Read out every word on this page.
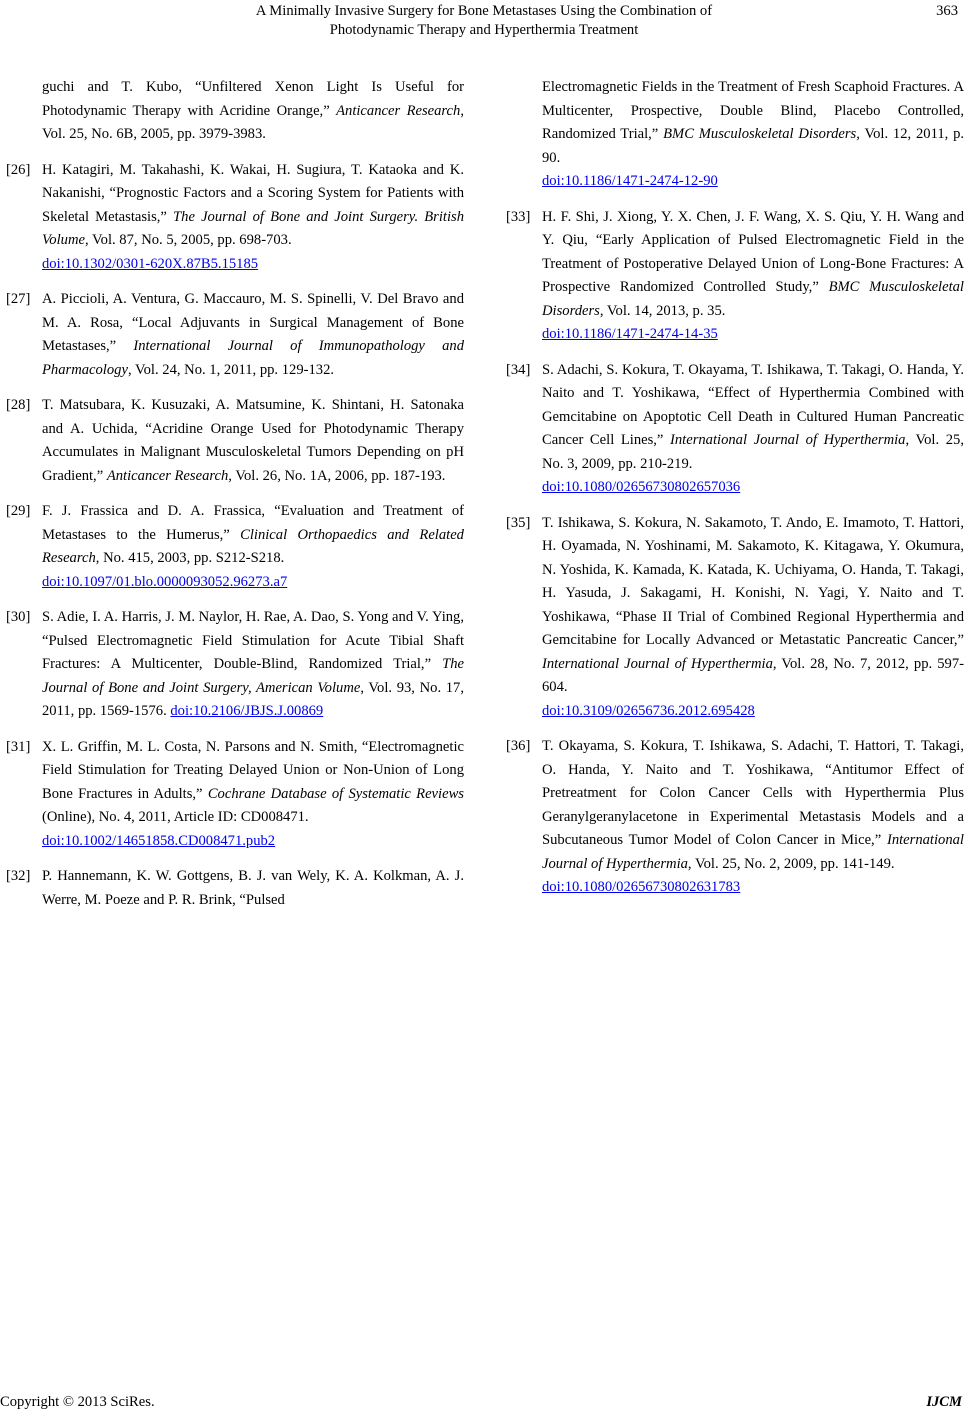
A Minimally Invasive Surgery for Bone Metastases Using the Combination of
Photodynamic Therapy and Hyperthermia Treatment
363
guchi and T. Kubo, “Unfiltered Xenon Light Is Useful for Photodynamic Therapy with Acridine Orange,” Anticancer Research, Vol. 25, No. 6B, 2005, pp. 3979-3983.
[26] H. Katagiri, M. Takahashi, K. Wakai, H. Sugiura, T. Kataoka and K. Nakanishi, “Prognostic Factors and a Scoring System for Patients with Skeletal Metastasis,” The Journal of Bone and Joint Surgery. British Volume, Vol. 87, No. 5, 2005, pp. 698-703.
doi:10.1302/0301-620X.87B5.15185
[27] A. Piccioli, A. Ventura, G. Maccauro, M. S. Spinelli, V. Del Bravo and M. A. Rosa, “Local Adjuvants in Surgical Management of Bone Metastases,” International Journal of Immunopathology and Pharmacology, Vol. 24, No. 1, 2011, pp. 129-132.
[28] T. Matsubara, K. Kusuzaki, A. Matsumine, K. Shintani, H. Satonaka and A. Uchida, “Acridine Orange Used for Photodynamic Therapy Accumulates in Malignant Musculoskeletal Tumors Depending on pH Gradient,” Anticancer Research, Vol. 26, No. 1A, 2006, pp. 187-193.
[29] F. J. Frassica and D. A. Frassica, “Evaluation and Treatment of Metastases to the Humerus,” Clinical Orthopaedics and Related Research, No. 415, 2003, pp. S212-S218.
doi:10.1097/01.blo.0000093052.96273.a7
[30] S. Adie, I. A. Harris, J. M. Naylor, H. Rae, A. Dao, S. Yong and V. Ying, “Pulsed Electromagnetic Field Stimulation for Acute Tibial Shaft Fractures: A Multicenter, Double-Blind, Randomized Trial,” The Journal of Bone and Joint Surgery, American Volume, Vol. 93, No. 17, 2011, pp. 1569-1576. doi:10.2106/JBJS.J.00869
[31] X. L. Griffin, M. L. Costa, N. Parsons and N. Smith, “Electromagnetic Field Stimulation for Treating Delayed Union or Non-Union of Long Bone Fractures in Adults,” Cochrane Database of Systematic Reviews (Online), No. 4, 2011, Article ID: CD008471.
doi:10.1002/14651858.CD008471.pub2
[32] P. Hannemann, K. W. Gottgens, B. J. van Wely, K. A. Kolkman, A. J. Werre, M. Poeze and P. R. Brink, “Pulsed
Electromagnetic Fields in the Treatment of Fresh Scaphoid Fractures. A Multicenter, Prospective, Double Blind, Placebo Controlled, Randomized Trial,” BMC Musculoskeletal Disorders, Vol. 12, 2011, p. 90.
doi:10.1186/1471-2474-12-90
[33] H. F. Shi, J. Xiong, Y. X. Chen, J. F. Wang, X. S. Qiu, Y. H. Wang and Y. Qiu, “Early Application of Pulsed Electromagnetic Field in the Treatment of Postoperative Delayed Union of Long-Bone Fractures: A Prospective Randomized Controlled Study,” BMC Musculoskeletal Disorders, Vol. 14, 2013, p. 35.
doi:10.1186/1471-2474-14-35
[34] S. Adachi, S. Kokura, T. Okayama, T. Ishikawa, T. Takagi, O. Handa, Y. Naito and T. Yoshikawa, “Effect of Hyperthermia Combined with Gemcitabine on Apoptotic Cell Death in Cultured Human Pancreatic Cancer Cell Lines,” International Journal of Hyperthermia, Vol. 25, No. 3, 2009, pp. 210-219.
doi:10.1080/02656730802657036
[35] T. Ishikawa, S. Kokura, N. Sakamoto, T. Ando, E. Imamoto, T. Hattori, H. Oyamada, N. Yoshinami, M. Sakamoto, K. Kitagawa, Y. Okumura, N. Yoshida, K. Kamada, K. Katada, K. Uchiyama, O. Handa, T. Takagi, H. Yasuda, J. Sakagami, H. Konishi, N. Yagi, Y. Naito and T. Yoshikawa, “Phase II Trial of Combined Regional Hyperthermia and Gemcitabine for Locally Advanced or Metastatic Pancreatic Cancer,” International Journal of Hyperthermia, Vol. 28, No. 7, 2012, pp. 597-604.
doi:10.3109/02656736.2012.695428
[36] T. Okayama, S. Kokura, T. Ishikawa, S. Adachi, T. Hattori, T. Takagi, O. Handa, Y. Naito and T. Yoshikawa, “Antitumor Effect of Pretreatment for Colon Cancer Cells with Hyperthermia Plus Geranylgeranylacetone in Experimental Metastasis Models and a Subcutaneous Tumor Model of Colon Cancer in Mice,” International Journal of Hyperthermia, Vol. 25, No. 2, 2009, pp. 141-149.
doi:10.1080/02656730802631783
Copyright © 2013 SciRes.	IJCM
